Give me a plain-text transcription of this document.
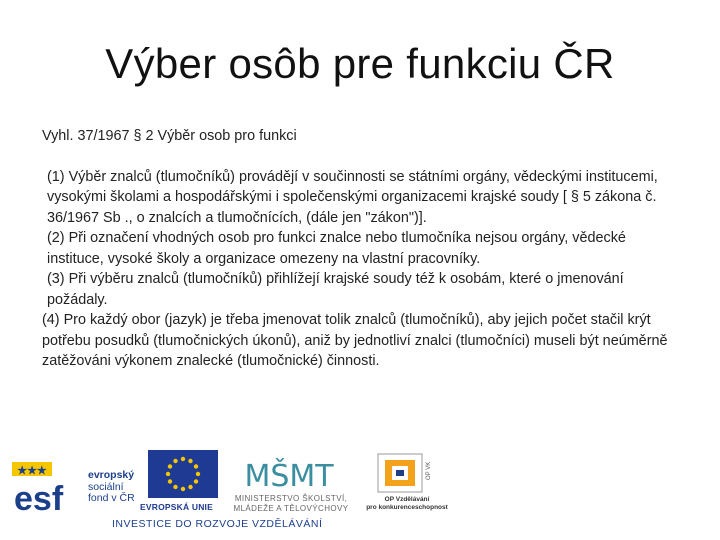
Výber osôb pre funkciu ČR
Vyhl. 37/1967 § 2 Výběr osob pro funkci

(1) Výběr znalců (tlumočníků) provádějí v součinnosti se státními orgány, vědeckými institucemi, vysokými školami a hospodářskými i společenskými organizacemi krajské soudy [ § 5 zákona č. 36/1967 Sb ., o znalcích a tlumočnících, (dále jen "zákon")].

(2) Při označení vhodných osob pro funkci znalce nebo tlumočníka nejsou orgány, vědecké instituce, vysoké školy a organizace omezeny na vlastní pracovníky.

(3) Při výběru znalců (tlumočníků) přihlížejí krajské soudy též k osobám, které o jmenování požádaly.

(4) Pro každý obor (jazyk) je třeba jmenovat tolik znalců (tlumočníků), aby jejich počet stačil krýt potřebu posudků (tlumočnických úkonů), aniž by jednotliví znalci (tlumočníci) museli být neúměrně zatěžováni výkonem znalecké (tlumočnické) činnosti.

★★★
esf
evropský
sociální
fond v ČR
EVROPSKÁ UNIE
MŠMT
MINISTERSTVO ŠKOLSTVÍ,
MLÁDEŽE A TĚLOVÝCHOVY
OP VK
OP Vzdělávání
pro konkurenceschopnost
INVESTICE DO ROZVOJE VZDĚLÁVÁNÍ
